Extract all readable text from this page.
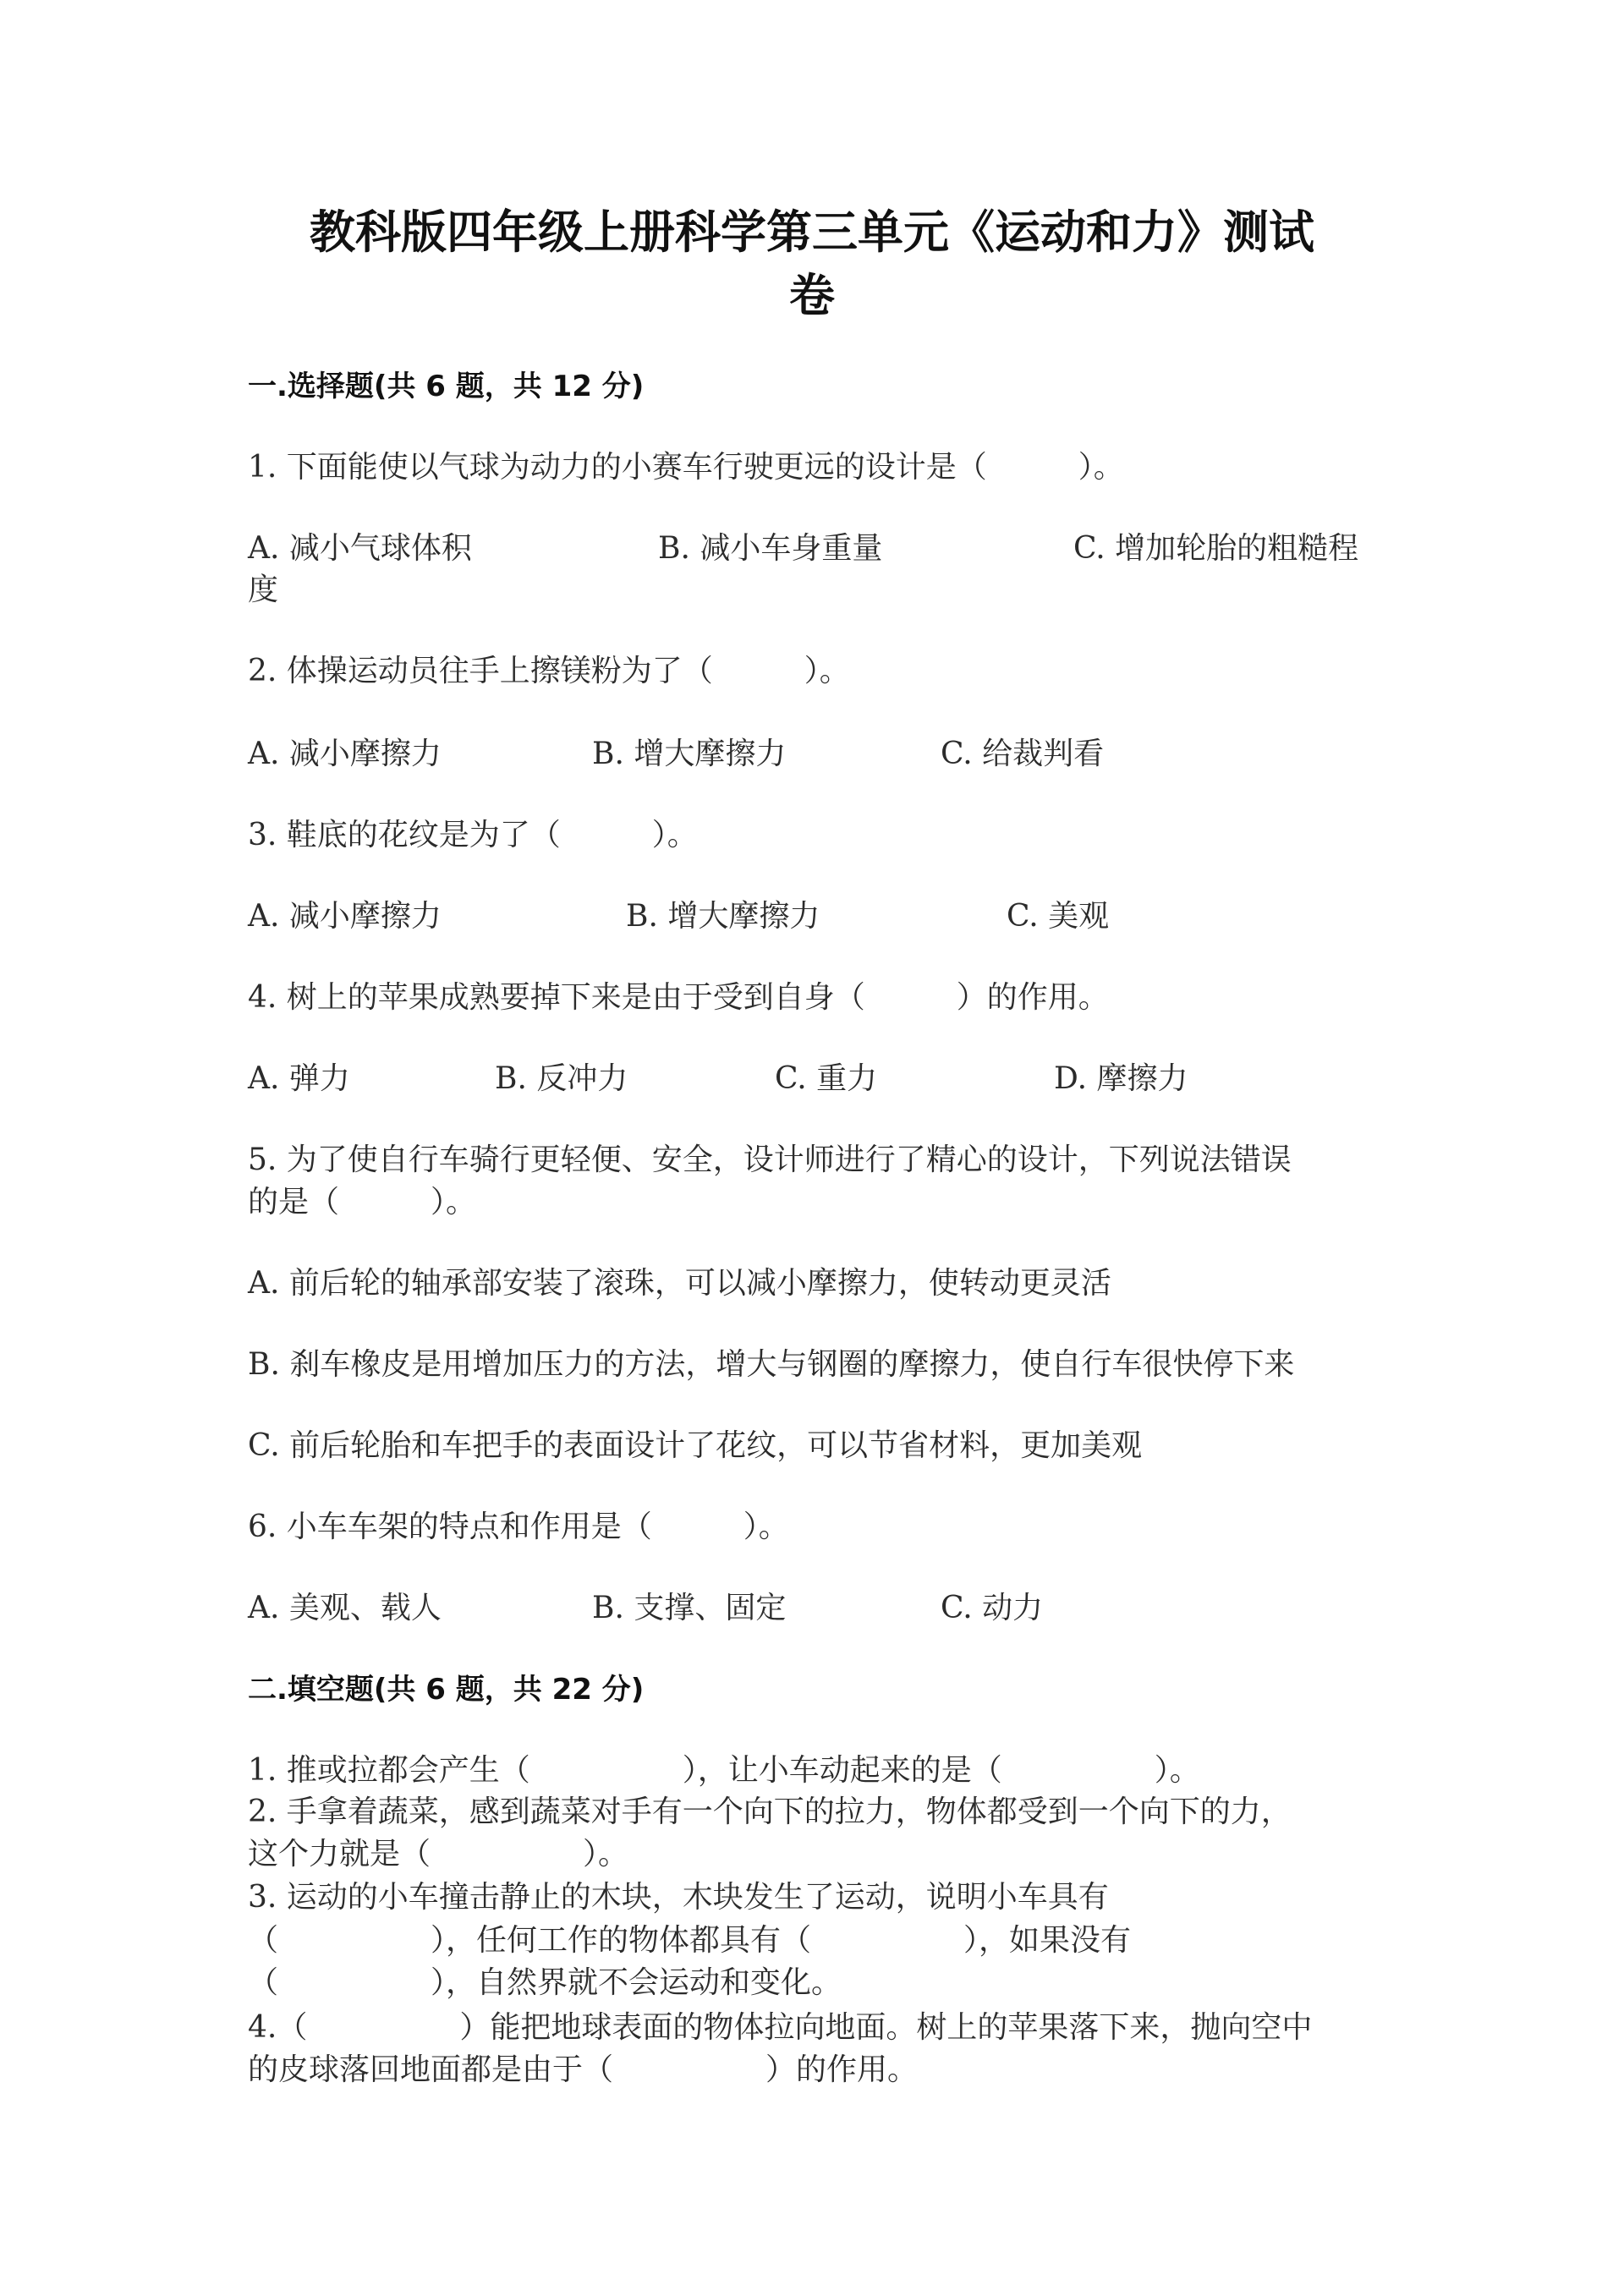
教科版四年级上册科学第三单元《运动和力》测试
卷
一.选择题(共 6 题，共 12 分)
1. 下面能使以气球为动力的小赛车行驶更远的设计是（　　　）。
A. 减小气球体积	B. 减小车身重量	C. 增加轮胎的粗糙程
度
2. 体操运动员往手上擦镁粉为了（　　　）。
A. 减小摩擦力	B. 增大摩擦力	C. 给裁判看
3. 鞋底的花纹是为了（　　　）。
A. 减小摩擦力	B. 增大摩擦力	C. 美观
4. 树上的苹果成熟要掉下来是由于受到自身（　　　）的作用。
A. 弹力	B. 反冲力	C. 重力	D. 摩擦力
5. 为了使自行车骑行更轻便、安全，设计师进行了精心的设计，下列说法错误
的是（　　　）。
A. 前后轮的轴承部安装了滚珠，可以减小摩擦力，使转动更灵活
B. 刹车橡皮是用增加压力的方法，增大与钢圈的摩擦力，使自行车很快停下来
C. 前后轮胎和车把手的表面设计了花纹，可以节省材料，更加美观
6. 小车车架的特点和作用是（　　　）。
A. 美观、载人	B. 支撑、固定	C. 动力
二.填空题(共 6 题，共 22 分)
1. 推或拉都会产生（　　　　　），让小车动起来的是（　　　　　）。
2. 手拿着蔬菜，感到蔬菜对手有一个向下的拉力，物体都受到一个向下的力，
这个力就是（　　　　　）。
3. 运动的小车撞击静止的木块，木块发生了运动，说明小车具有
（　　　　　），任何工作的物体都具有（　　　　　），如果没有
（　　　　　），自然界就不会运动和变化。
4.（　　　　　）能把地球表面的物体拉向地面。树上的苹果落下来，抛向空中
的皮球落回地面都是由于（　　　　　）的作用。
